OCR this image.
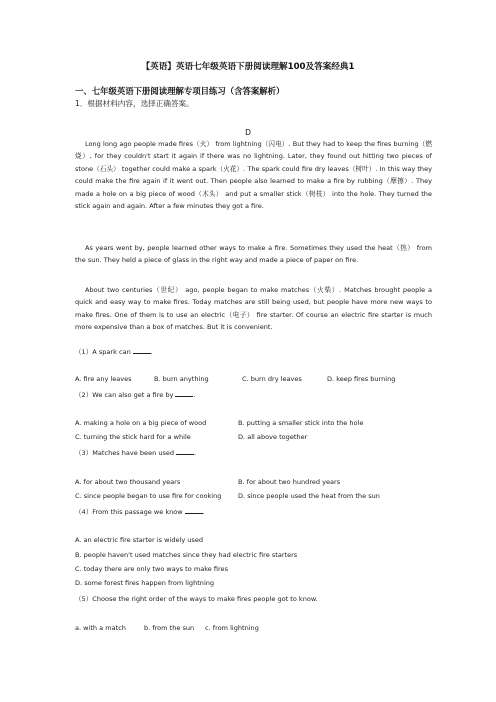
【英语】英语七年级英语下册阅读理解100及答案经典1
一、七年级英语下册阅读理解专项目练习（含答案解析）
1．根据材料内容，选择正确答案。
D
Long long ago people made fires（火） from lightning（闪电）. But they had to keep the fires burning（燃烧）, for they couldn't start it again if there was no lightning. Later, they found out hitting two pieces of stone（石头） together could make a spark（火花）. The spark could fire dry leaves（树叶）. In this way they could make the fire again if it went out. Then people also learned to make a fire by rubbing（摩擦）. They made a hole on a big piece of wood（木头） and put a smaller stick（树枝） into the hole. They turned the stick again and again. After a few minutes they got a fire.
As years went by, people learned other ways to make a fire. Sometimes they used the heat（热） from the sun. They held a piece of glass in the right way and made a piece of paper on fire.
About two centuries（世纪） ago, people began to make matches（火柴）. Matches brought people a quick and easy way to make fires. Today matches are still being used, but people have more new ways to make fires. One of them is to use an electric（电子） fire starter. Of course an electric fire starter is much more expensive than a box of matches. But it is convenient.
（1）A spark can	.
A. fire any leaves	B. burn anything	C. burn dry leaves	D. keep fires burning
（2）We can also get a fire by	.
A. making a hole on a big piece of wood	B. putting a smaller stick into the hole
C. turning the stick hard for a while	D. all above together
（3）Matches have been used	.
A. for about two thousand years	B. for about two hundred years
C. since people began to use fire for cooking	D. since people used the heat from the sun
（4）From this passage we know	.
A. an electric fire starter is widely used
B. people haven't used matches since they had electric fire starters
C. today there are only two ways to make fires
D. some forest fires happen from lightning
（5）Choose the right order of the ways to make fires people got to know.
a. with a match	b. from the sun c. from lightning
